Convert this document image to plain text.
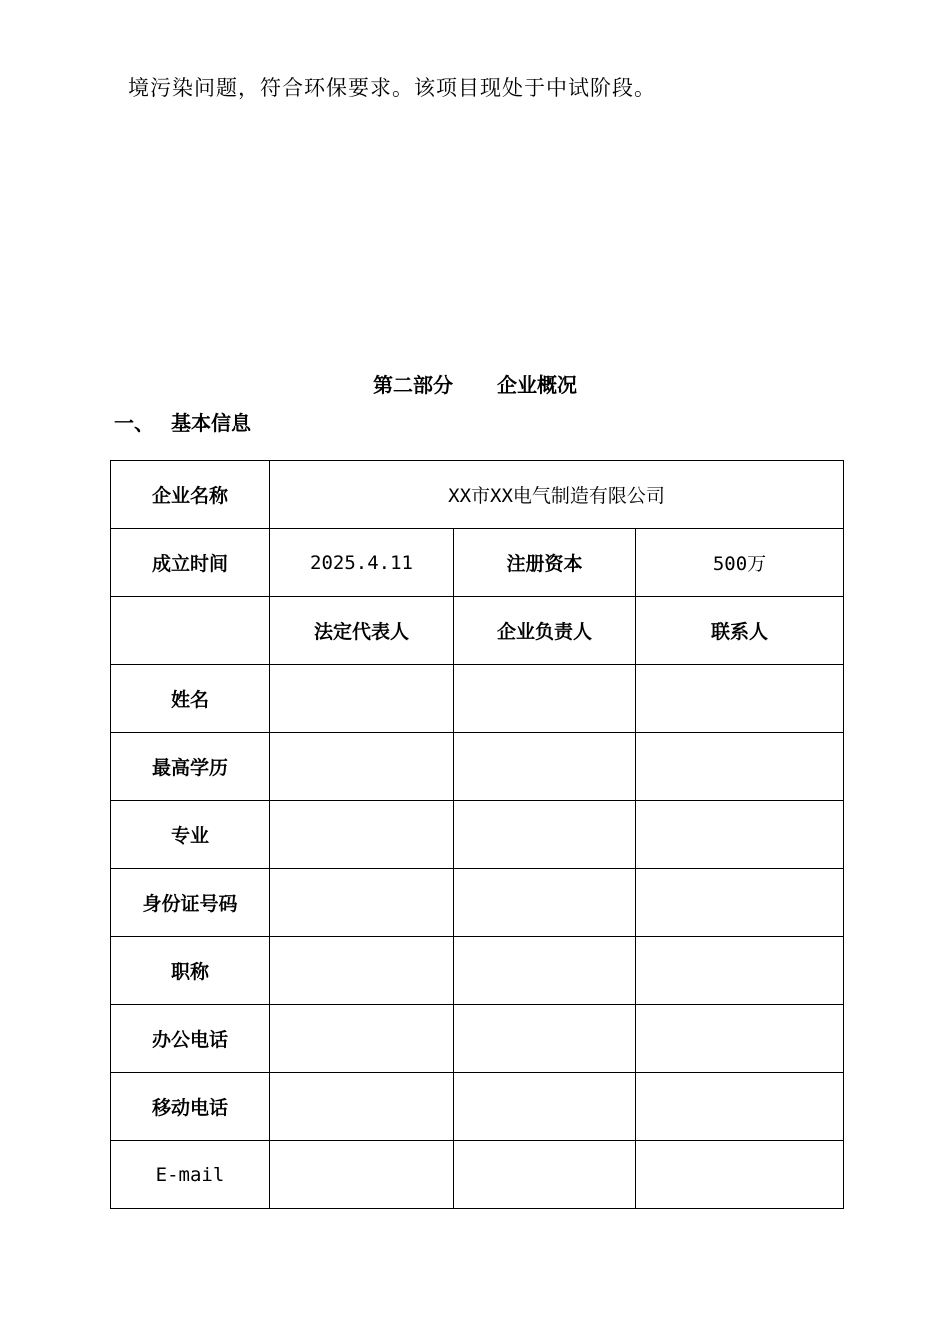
境污染问题，符合环保要求。该项目现处于中试阶段。
第二部分 企业概况
一、 基本信息
企业名称	XX市XX电气制造有限公司		
成立时间	2025.4.11	注册资本	500万
	法定代表人	企业负责人	联系人
姓名			
最高学历			
专业			
身份证号码			
职称			
办公电话			
移动电话			
E-mail			
